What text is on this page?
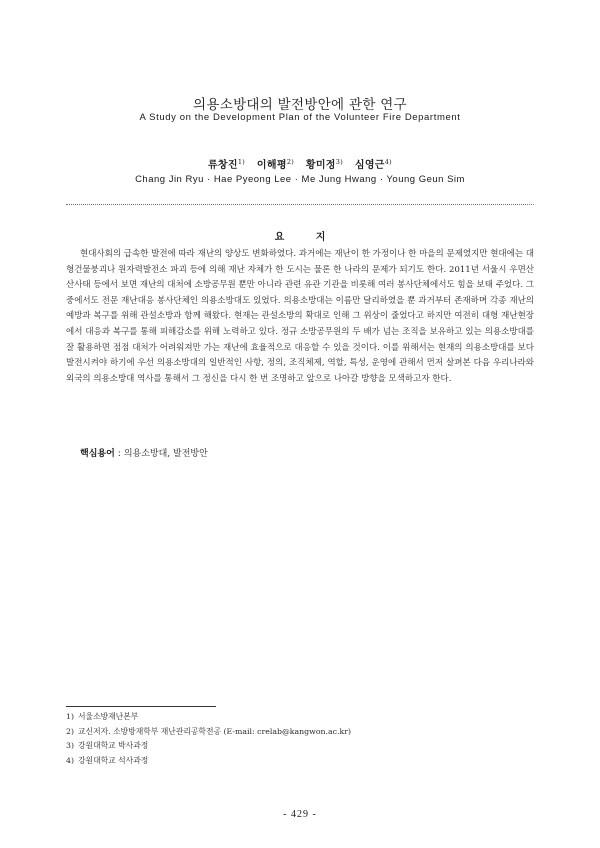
의용소방대의 발전방안에 관한 연구
A Study on the Development Plan of the Volunteer Fire Department
류창진$^{1)}$ 이해평$^{2)}$ 황미정$^{3)}$ 심영근$^{4)}$
Chang Jin Ryu · Hae Pyeong Lee · Me Jung Hwang · Young Geun Sim
요 지

현대사회의 급속한 발전에 따라 재난의 양상도 변화하였다. 과거에는 재난이 한 가정이나 한 마을의 문제였지만 현대에는 대형건물붕괴나 원자력발전소 파괴 등에 의해 재난 자체가 한 도시는 물론 한 나라의 문제가 되기도 한다. 2011년 서울시 우면산 산사태 등에서 보면 재난의 대처에 소방공무원 뿐만 아니라 관련 유관 기관을 비롯해 여러 봉사단체에서도 힘을 보태 주었다. 그 중에서도 전문 재난대응 봉사단체인 의용소방대도 있었다. 의용소방대는 이름만 달리하였을 뿐 과거부터 존재하며 각종 재난의 예방과 복구를 위해 관설소방과 함께 해왔다. 현재는 관설소방의 확대로 인해 그 위상이 줄었다고 하지만 여전히 대형 재난현장에서 대응과 복구를 통해 피해감소를 위해 노력하고 있다. 정규 소방공무원의 두 배가 넘는 조직을 보유하고 있는 의용소방대를 잘 활용하면 점점 대처가 어려워져만 가는 재난에 효율적으로 대응할 수 있을 것이다. 이를 위해서는 현재의 의용소방대를 보다 발전시켜야 하기에 우선 의용소방대의 일반적인 사항, 정의, 조직체제, 역할, 특성, 운영에 관해서 먼저 살펴본 다음 우리나라와 외국의 의용소방대 역사를 통해서 그 정신을 다시 한 번 조명하고 앞으로 나아갈 방향을 모색하고자 한다.

핵심용어 : 의용소방대, 발전방안
1) 서울소방재난본부
2) 교신저자. 소방방재학부 재난관리공학전공 (E-mail: crelab@kangwon.ac.kr)
3) 강원대학교 박사과정
4) 강원대학교 석사과정
- 429 -
